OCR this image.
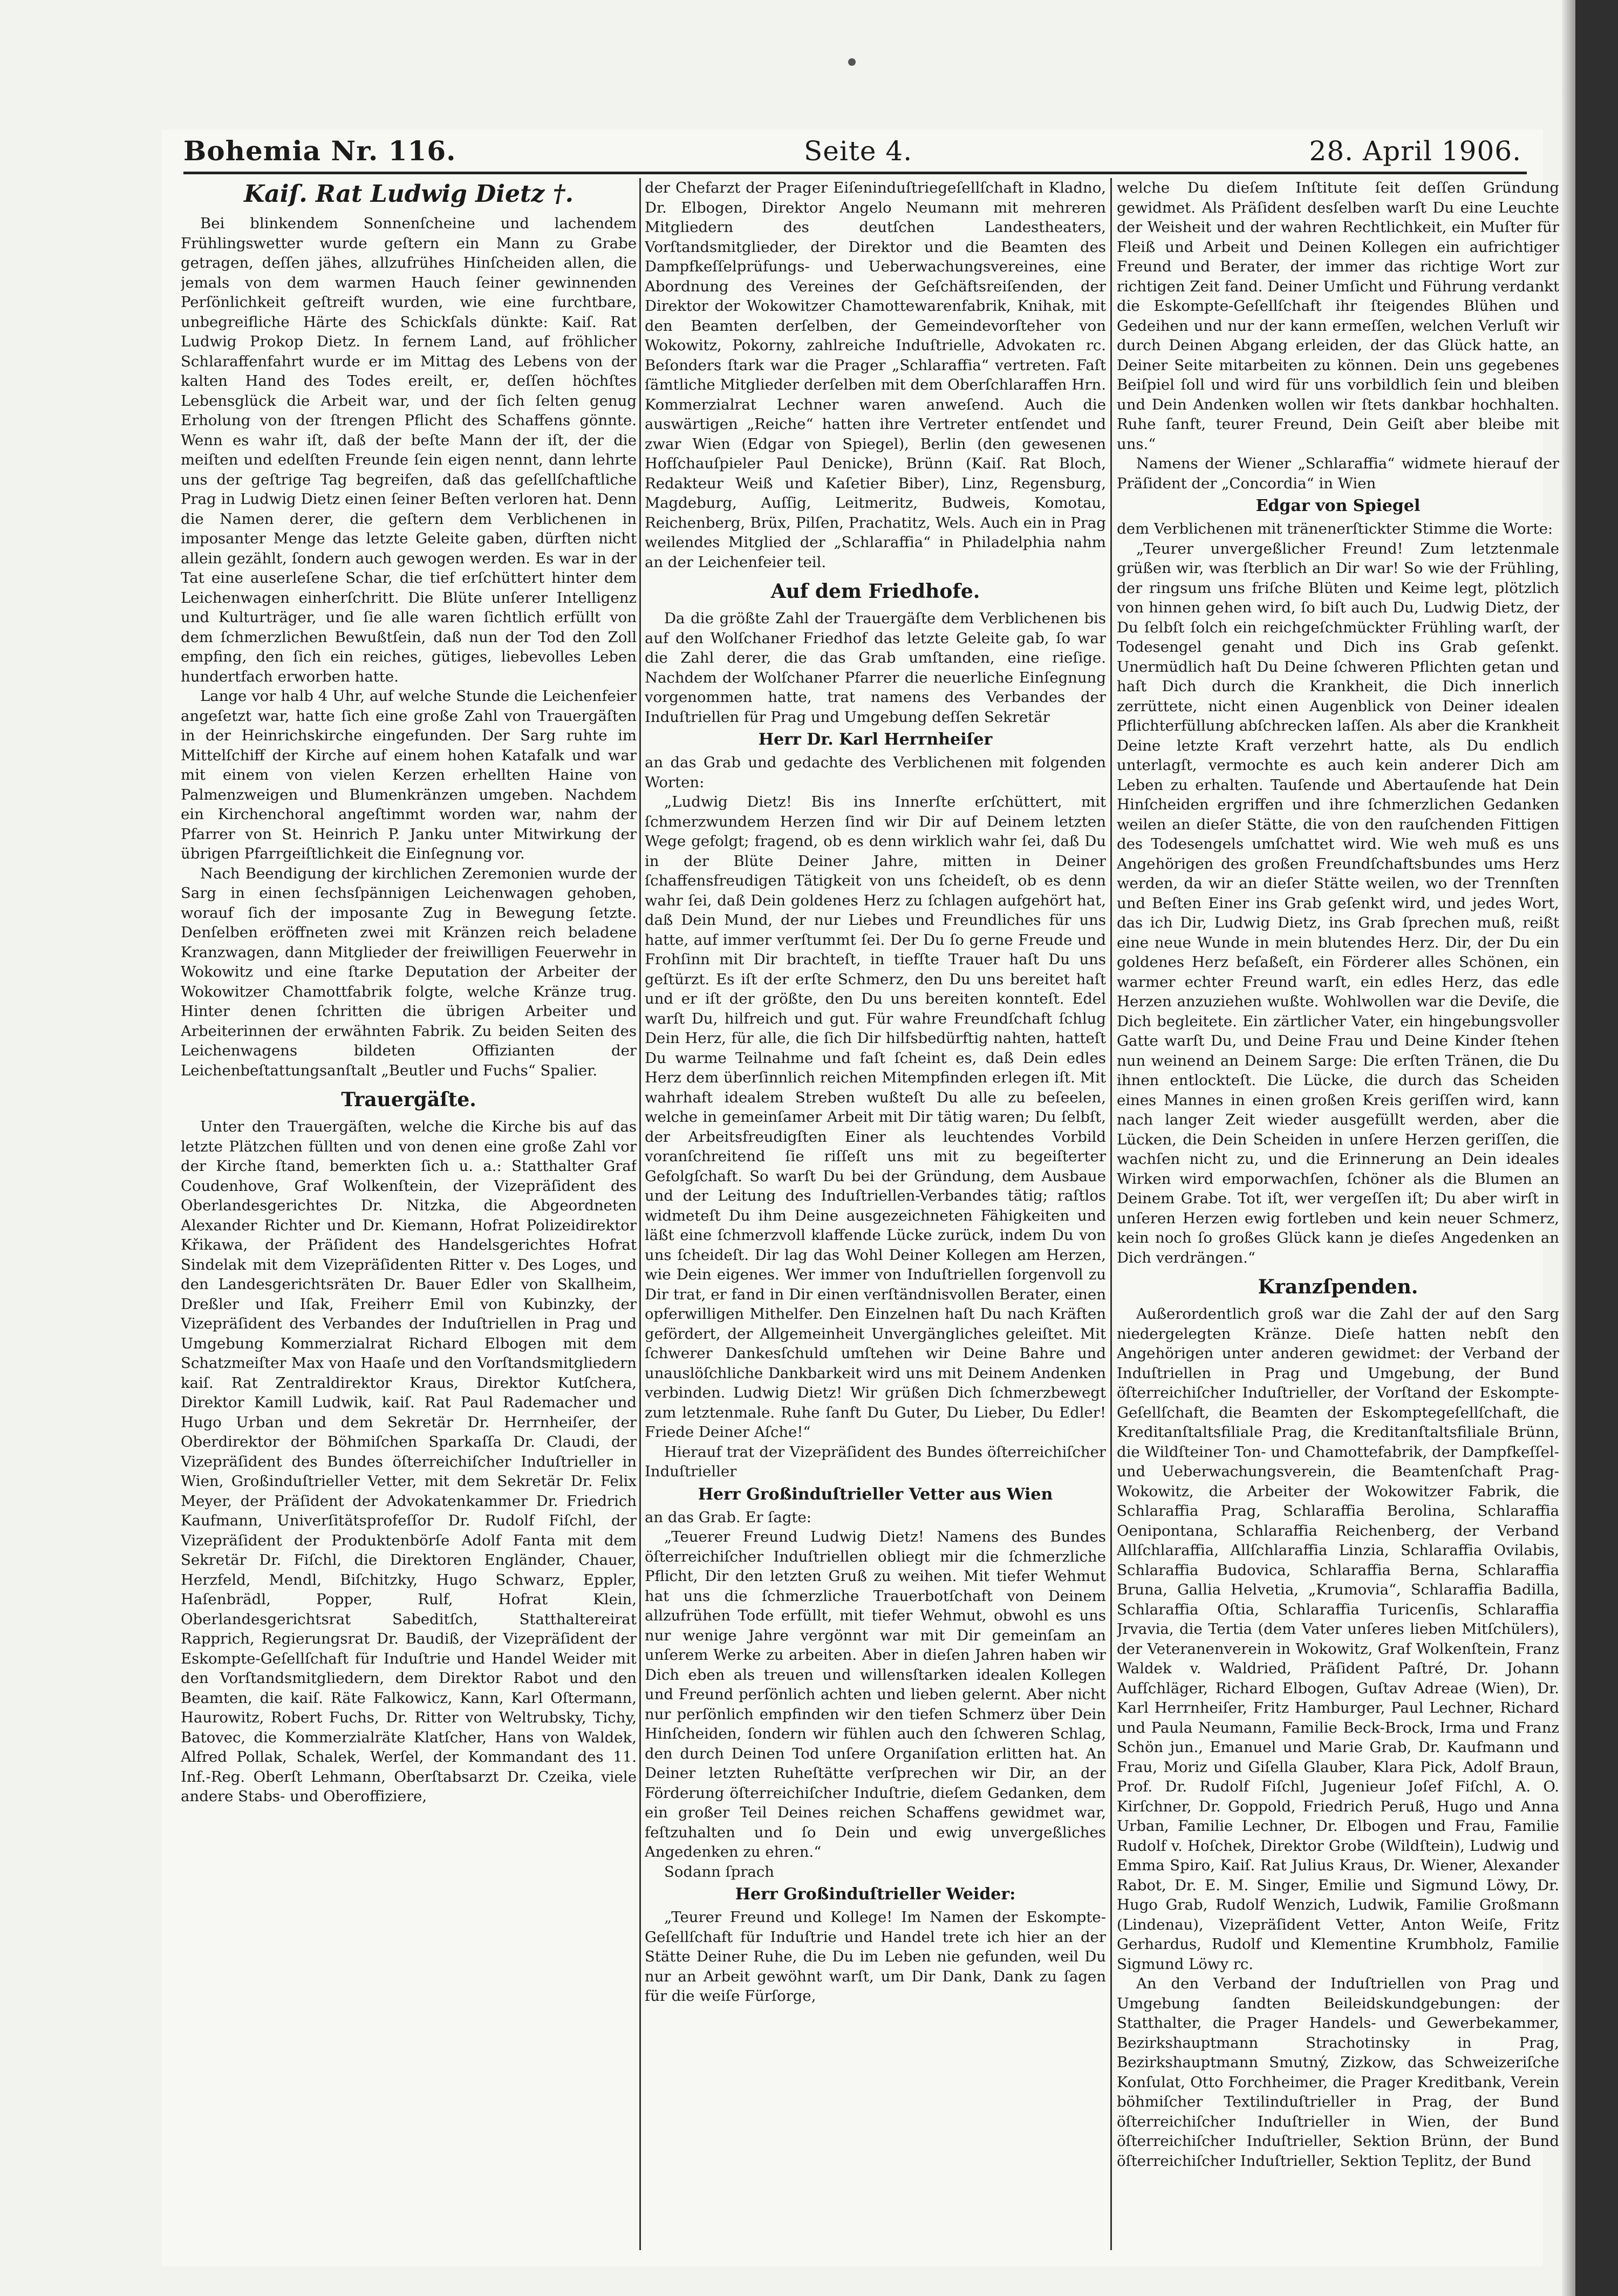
Bohemia Nr. 116.	Seite 4.	28. April 1906.
Kaiſ. Rat Ludwig Dietz †.

Bei blinkendem Sonnenſcheine und lachendem Frühlingswetter wurde geſtern ein Mann zu Grabe getragen, deſſen jähes, allzufrühes Hinſcheiden allen, die jemals von dem warmen Hauch ſeiner gewinnenden Perſönlichkeit geſtreift wurden, wie eine furchtbare, unbegreifliche Härte des Schickſals dünkte: Kaiſ. Rat Ludwig Prokop Dietz. In fernem Land, auf fröhlicher Schlaraffenfahrt wurde er im Mittag des Lebens von der kalten Hand des Todes ereilt, er, deſſen höchſtes Lebensglück die Arbeit war, und der ſich ſelten genug Erholung von der ſtrengen Pflicht des Schaffens gönnte. Wenn es wahr iſt, daß der beſte Mann der iſt, der die meiſten und edelſten Freunde ſein eigen nennt, dann lehrte uns der geſtrige Tag begreifen, daß das geſellſchaftliche Prag in Ludwig Dietz einen ſeiner Beſten verloren hat. Denn die Namen derer, die geſtern dem Verblichenen in imposanter Menge das letzte Geleite gaben, dürften nicht allein gezählt, ſondern auch gewogen werden. Es war in der Tat eine auserleſene Schar, die tief erſchüttert hinter dem Leichenwagen einherſchritt. Die Blüte unſerer Intelligenz und Kulturträger, und ſie alle waren ſichtlich erfüllt von dem ſchmerzlichen Bewußtſein, daß nun der Tod den Zoll empfing, den ſich ein reiches, gütiges, liebevolles Leben hundertfach erworben hatte.

Lange vor halb 4 Uhr, auf welche Stunde die Leichenfeier angeſetzt war, hatte ſich eine große Zahl von Trauergäſten in der Heinrichskirche eingefunden. Der Sarg ruhte im Mittelſchiff der Kirche auf einem hohen Katafalk und war mit einem von vielen Kerzen erhellten Haine von Palmenzweigen und Blumenkränzen umgeben. Nachdem ein Kirchenchoral angeſtimmt worden war, nahm der Pfarrer von St. Heinrich P. Janku unter Mitwirkung der übrigen Pfarrgeiſtlichkeit die Einſegnung vor.

Nach Beendigung der kirchlichen Zeremonien wurde der Sarg in einen ſechsſpännigen Leichenwagen gehoben, worauf ſich der imposante Zug in Bewegung ſetzte. Denſelben eröffneten zwei mit Kränzen reich beladene Kranzwagen, dann Mitglieder der freiwilligen Feuerwehr in Wokowitz und eine ſtarke Deputation der Arbeiter der Wokowitzer Chamottfabrik folgte, welche Kränze trug. Hinter denen ſchritten die übrigen Arbeiter und Arbeiterinnen der erwähnten Fabrik. Zu beiden Seiten des Leichenwagens bildeten Offizianten der Leichenbeſtattungsanſtalt „Beutler und Fuchs“ Spalier.

Trauergäſte.

Unter den Trauergäſten, welche die Kirche bis auf das letzte Plätzchen füllten und von denen eine große Zahl vor der Kirche ſtand, bemerkten ſich u. a.: Statthalter Graf Coudenhove, Graf Wolkenſtein, der Vizepräſident des Oberlandesgerichtes Dr. Nitzka, die Abgeordneten Alexander Richter und Dr. Kiemann, Hofrat Polizeidirektor Křikawa, der Präſident des Handelsgerichtes Hofrat Sindelak mit dem Vizepräſidenten Ritter v. Des Loges, und den Landesgerichtsräten Dr. Bauer Edler von Skallheim, Dreßler und Iſak, Freiherr Emil von Kubinzky, der Vizepräſident des Verbandes der Induſtriellen in Prag und Umgebung Kommerzialrat Richard Elbogen mit dem Schatzmeiſter Max von Haaſe und den Vorſtandsmitgliedern kaiſ. Rat Zentraldirektor Kraus, Direktor Kutſchera, Direktor Kamill Ludwik, kaiſ. Rat Paul Rademacher und Hugo Urban und dem Sekretär Dr. Herrnheiſer, der Oberdirektor der Böhmiſchen Sparkaſſa Dr. Claudi, der Vizepräſident des Bundes öſterreichiſcher Induſtrieller in Wien, Großinduſtrieller Vetter, mit dem Sekretär Dr. Felix Meyer, der Präſident der Advokatenkammer Dr. Friedrich Kaufmann, Univerſitätsprofeſſor Dr. Rudolf Fiſchl, der Vizepräſident der Produktenbörſe Adolf Fanta mit dem Sekretär Dr. Fiſchl, die Direktoren Engländer, Chauer, Herzfeld, Mendl, Biſchitzky, Hugo Schwarz, Eppler, Haſenbrädl, Popper, Rulf, Hofrat Klein, Oberlandesgerichtsrat Sabeditſch, Statthaltereirat Rapprich, Regierungsrat Dr. Baudiß, der Vizepräſident der Eskompte-Geſellſchaft für Induſtrie und Handel Weider mit den Vorſtandsmitgliedern, dem Direktor Rabot und den Beamten, die kaiſ. Räte Falkowicz, Kann, Karl Oſtermann, Haurowitz, Robert Fuchs, Dr. Ritter von Weltrubsky, Tichy, Batovec, die Kommerzialräte Klatſcher, Hans von Waldek, Alfred Pollak, Schalek, Werſel, der Kommandant des 11. Inf.-Reg. Oberſt Lehmann, Oberſtabsarzt Dr. Czeika, viele andere Stabs- und Oberoffiziere,

der Chefarzt der Prager Eiſeninduſtriegeſellſchaft in Kladno, Dr. Elbogen, Direktor Angelo Neumann mit mehreren Mitgliedern des deutſchen Landestheaters, Vorſtandsmitglieder, der Direktor und die Beamten des Dampfkeſſelprüfungs- und Ueberwachungsvereines, eine Abordnung des Vereines der Geſchäftsreiſenden, der Direktor der Wokowitzer Chamottewarenfabrik, Knihak, mit den Beamten derſelben, der Gemeindevorſteher von Wokowitz, Pokorny, zahlreiche Induſtrielle, Advokaten rc. Beſonders ſtark war die Prager „Schlaraffia“ vertreten. Faſt ſämtliche Mitglieder derſelben mit dem Oberſchlaraffen Hrn. Kommerzialrat Lechner waren anweſend. Auch die auswärtigen „Reiche“ hatten ihre Vertreter entſendet und zwar Wien (Edgar von Spiegel), Berlin (den gewesenen Hofſchauſpieler Paul Denicke), Brünn (Kaiſ. Rat Bloch, Redakteur Weiß und Kaſetier Biber), Linz, Regensburg, Magdeburg, Auſſig, Leitmeritz, Budweis, Komotau, Reichenberg, Brüx, Pilſen, Prachatitz, Wels. Auch ein in Prag weilendes Mitglied der „Schlaraffia“ in Philadelphia nahm an der Leichenfeier teil.

Auf dem Friedhofe.

Da die größte Zahl der Trauergäſte dem Verblichenen bis auf den Wolſchaner Friedhof das letzte Geleite gab, ſo war die Zahl derer, die das Grab umſtanden, eine rieſige. Nachdem der Wolſchaner Pfarrer die neuerliche Einſegnung vorgenommen hatte, trat namens des Verbandes der Induſtriellen für Prag und Umgebung deſſen Sekretär

Herr Dr. Karl Herrnheiſer

an das Grab und gedachte des Verblichenen mit folgenden Worten:

„Ludwig Dietz! Bis ins Innerſte erſchüttert, mit ſchmerzwundem Herzen ſind wir Dir auf Deinem letzten Wege gefolgt; fragend, ob es denn wirklich wahr ſei, daß Du in der Blüte Deiner Jahre, mitten in Deiner ſchaffensfreudigen Tätigkeit von uns ſcheideſt, ob es denn wahr ſei, daß Dein goldenes Herz zu ſchlagen aufgehört hat, daß Dein Mund, der nur Liebes und Freundliches für uns hatte, auf immer verſtummt ſei. Der Du ſo gerne Freude und Frohſinn mit Dir brachteſt, in tiefſte Trauer haſt Du uns geſtürzt. Es iſt der erſte Schmerz, den Du uns bereitet haſt und er iſt der größte, den Du uns bereiten konnteſt. Edel warſt Du, hilfreich und gut. Für wahre Freundſchaft ſchlug Dein Herz, für alle, die ſich Dir hilfsbedürftig nahten, hatteſt Du warme Teilnahme und faſt ſcheint es, daß Dein edles Herz dem überſinnlich reichen Mitempfinden erlegen iſt. Mit wahrhaft idealem Streben wußteſt Du alle zu beſeelen, welche in gemeinſamer Arbeit mit Dir tätig waren; Du ſelbſt, der Arbeitsfreudigſten Einer als leuchtendes Vorbild voranſchreitend ſie riſſeſt uns mit zu begeiſterter Gefolgſchaft. So warſt Du bei der Gründung, dem Ausbaue und der Leitung des Induſtriellen-Verbandes tätig; raſtlos widmeteſt Du ihm Deine ausgezeichneten Fähigkeiten und läßt eine ſchmerzvoll klaffende Lücke zurück, indem Du von uns ſcheideſt. Dir lag das Wohl Deiner Kollegen am Herzen, wie Dein eigenes. Wer immer von Induſtriellen ſorgenvoll zu Dir trat, er fand in Dir einen verſtändnisvollen Berater, einen opferwilligen Mithelfer. Den Einzelnen haſt Du nach Kräften gefördert, der Allgemeinheit Unvergängliches geleiſtet. Mit ſchwerer Dankesſchuld umſtehen wir Deine Bahre und unauslöſchliche Dankbarkeit wird uns mit Deinem Andenken verbinden. Ludwig Dietz! Wir grüßen Dich ſchmerzbewegt zum letztenmale. Ruhe ſanft Du Guter, Du Lieber, Du Edler! Friede Deiner Aſche!“

Hierauf trat der Vizepräſident des Bundes öſterreichiſcher Induſtrieller

Herr Großinduſtrieller Vetter aus Wien

an das Grab. Er ſagte:

„Teuerer Freund Ludwig Dietz! Namens des Bundes öſterreichiſcher Induſtriellen obliegt mir die ſchmerzliche Pflicht, Dir den letzten Gruß zu weihen. Mit tiefer Wehmut hat uns die ſchmerzliche Trauerbotſchaft von Deinem allzufrühen Tode erfüllt, mit tiefer Wehmut, obwohl es uns nur wenige Jahre vergönnt war mit Dir gemeinſam an unſerem Werke zu arbeiten. Aber in dieſen Jahren haben wir Dich eben als treuen und willensſtarken idealen Kollegen und Freund perſönlich achten und lieben gelernt. Aber nicht nur perſönlich empfinden wir den tiefen Schmerz über Dein Hinſcheiden, ſondern wir fühlen auch den ſchweren Schlag, den durch Deinen Tod unſere Organiſation erlitten hat. An Deiner letzten Ruheſtätte verſprechen wir Dir, an der Förderung öſterreichiſcher Induſtrie, dieſem Gedanken, dem ein großer Teil Deines reichen Schaffens gewidmet war, feſtzuhalten und ſo Dein und ewig unvergeßliches Angedenken zu ehren.“

Sodann ſprach

Herr Großinduſtrieller Weider:

„Teurer Freund und Kollege! Im Namen der Eskompte-Geſellſchaft für Induſtrie und Handel trete ich hier an der Stätte Deiner Ruhe, die Du im Leben nie gefunden, weil Du nur an Arbeit gewöhnt warſt, um Dir Dank, Dank zu ſagen für die weiſe Fürſorge,

welche Du dieſem Inſtitute ſeit deſſen Gründung gewidmet. Als Präſident desſelben warſt Du eine Leuchte der Weisheit und der wahren Rechtlichkeit, ein Muſter für Fleiß und Arbeit und Deinen Kollegen ein aufrichtiger Freund und Berater, der immer das richtige Wort zur richtigen Zeit fand. Deiner Umſicht und Führung verdankt die Eskompte-Geſellſchaft ihr ſteigendes Blühen und Gedeihen und nur der kann ermeſſen, welchen Verluſt wir durch Deinen Abgang erleiden, der das Glück hatte, an Deiner Seite mitarbeiten zu können. Dein uns gegebenes Beiſpiel ſoll und wird für uns vorbildlich ſein und bleiben und Dein Andenken wollen wir ſtets dankbar hochhalten. Ruhe ſanft, teurer Freund, Dein Geiſt aber bleibe mit uns.“

Namens der Wiener „Schlaraffia“ widmete hierauf der Präſident der „Concordia“ in Wien

Edgar von Spiegel

dem Verblichenen mit tränenerſtickter Stimme die Worte:

„Teurer unvergeßlicher Freund! Zum letztenmale grüßen wir, was ſterblich an Dir war! So wie der Frühling, der ringsum uns friſche Blüten und Keime legt, plötzlich von hinnen gehen wird, ſo biſt auch Du, Ludwig Dietz, der Du ſelbſt ſolch ein reichgeſchmückter Frühling warſt, der Todesengel genaht und Dich ins Grab geſenkt. Unermüdlich haſt Du Deine ſchweren Pflichten getan und haſt Dich durch die Krankheit, die Dich innerlich zerrüttete, nicht einen Augenblick von Deiner idealen Pflichterfüllung abſchrecken laſſen. Als aber die Krankheit Deine letzte Kraft verzehrt hatte, als Du endlich unterlagſt, vermochte es auch kein anderer Dich am Leben zu erhalten. Tauſende und Abertauſende hat Dein Hinſcheiden ergriffen und ihre ſchmerzlichen Gedanken weilen an dieſer Stätte, die von den rauſchenden Fittigen des Todesengels umſchattet wird. Wie weh muß es uns Angehörigen des großen Freundſchaftsbundes ums Herz werden, da wir an dieſer Stätte weilen, wo der Trennſten und Beſten Einer ins Grab geſenkt wird, und jedes Wort, das ich Dir, Ludwig Dietz, ins Grab ſprechen muß, reißt eine neue Wunde in mein blutendes Herz. Dir, der Du ein goldenes Herz beſaßeſt, ein Förderer alles Schönen, ein warmer echter Freund warſt, ein edles Herz, das edle Herzen anzuziehen wußte. Wohlwollen war die Deviſe, die Dich begleitete. Ein zärtlicher Vater, ein hingebungsvoller Gatte warſt Du, und Deine Frau und Deine Kinder ſtehen nun weinend an Deinem Sarge: Die erſten Tränen, die Du ihnen entlockteſt. Die Lücke, die durch das Scheiden eines Mannes in einen großen Kreis geriſſen wird, kann nach langer Zeit wieder ausgefüllt werden, aber die Lücken, die Dein Scheiden in unſere Herzen geriſſen, die wachſen nicht zu, und die Erinnerung an Dein ideales Wirken wird emporwachſen, ſchöner als die Blumen an Deinem Grabe. Tot iſt, wer vergeſſen iſt; Du aber wirſt in unſeren Herzen ewig fortleben und kein neuer Schmerz, kein noch ſo großes Glück kann je dieſes Angedenken an Dich verdrängen.“

Kranzſpenden.

Außerordentlich groß war die Zahl der auf den Sarg niedergelegten Kränze. Dieſe hatten nebſt den Angehörigen unter anderen gewidmet: der Verband der Induſtriellen in Prag und Umgebung, der Bund öſterreichiſcher Induſtrieller, der Vorſtand der Eskompte-Geſellſchaft, die Beamten der Eskomptegeſellſchaft, die Kreditanſtaltsfiliale Prag, die Kreditanſtaltsfiliale Brünn, die Wildſteiner Ton- und Chamottefabrik, der Dampfkeſſel- und Ueberwachungsverein, die Beamtenſchaft Prag-Wokowitz, die Arbeiter der Wokowitzer Fabrik, die Schlaraffia Prag, Schlaraffia Berolina, Schlaraffia Oenipontana, Schlaraffia Reichenberg, der Verband Allſchlaraffia, Allſchlaraffia Linzia, Schlaraffia Ovilabis, Schlaraffia Budovica, Schlaraffia Berna, Schlaraffia Bruna, Gallia Helvetia, „Krumovia“, Schlaraffia Badilla, Schlaraffia Oſtia, Schlaraffia Turicenſis, Schlaraffia Jrvavia, die Tertia (dem Vater unſeres lieben Mitſchülers), der Veteranenverein in Wokowitz, Graf Wolkenſtein, Franz Waldek v. Waldried, Präſident Paſtré, Dr. Johann Aufſchläger, Richard Elbogen, Guſtav Adreae (Wien), Dr. Karl Herrnheiſer, Fritz Hamburger, Paul Lechner, Richard und Paula Neumann, Familie Beck-Brock, Irma und Franz Schön jun., Emanuel und Marie Grab, Dr. Kaufmann und Frau, Moriz und Giſella Glauber, Klara Pick, Adolf Braun, Prof. Dr. Rudolf Fiſchl, Jugenieur Joſef Fiſchl, A. O. Kirſchner, Dr. Goppold, Friedrich Peruß, Hugo und Anna Urban, Familie Lechner, Dr. Elbogen und Frau, Familie Rudolf v. Hoſchek, Direktor Grobe (Wildſtein), Ludwig und Emma Spiro, Kaiſ. Rat Julius Kraus, Dr. Wiener, Alexander Rabot, Dr. E. M. Singer, Emilie und Sigmund Löwy, Dr. Hugo Grab, Rudolf Wenzich, Ludwik, Familie Großmann (Lindenau), Vizepräſident Vetter, Anton Weiſe, Fritz Gerhardus, Rudolf und Klementine Krumbholz, Familie Sigmund Löwy rc.

An den Verband der Induſtriellen von Prag und Umgebung ſandten Beileidskundgebungen: der Statthalter, die Prager Handels- und Gewerbekammer, Bezirkshauptmann Strachotinsky in Prag, Bezirkshauptmann Smutný, Zizkow, das Schweizeriſche Konſulat, Otto Forchheimer, die Prager Kreditbank, Verein böhmiſcher Textilinduſtrieller in Prag, der Bund öſterreichiſcher Induſtrieller in Wien, der Bund öſterreichiſcher Induſtrieller, Sektion Brünn, der Bund öſterreichiſcher Induſtrieller, Sektion Teplitz, der Bund
